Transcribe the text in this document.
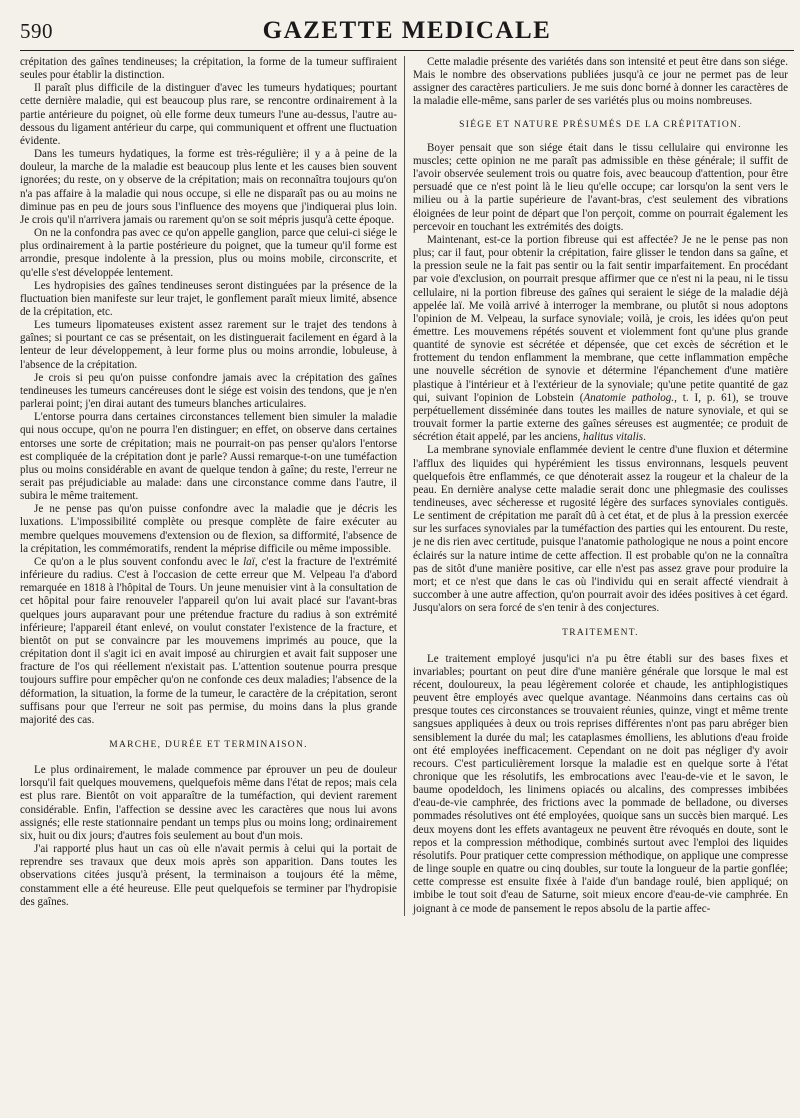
590	GAZETTE MEDICALE

crépitation des gaînes tendineuses; la crépitation, la forme de la tumeur suffiraient seules pour établir la distinction.

Il paraît plus difficile de la distinguer d'avec les tumeurs hydatiques; pourtant cette dernière maladie, qui est beaucoup plus rare, se rencontre ordinairement à la partie antérieure du poignet, où elle forme deux tumeurs l'une au-dessus, l'autre au-dessous du ligament antérieur du carpe, qui communiquent et offrent une fluctuation évidente.

Dans les tumeurs hydatiques, la forme est très-régulière; il y a à peine de la douleur, la marche de la maladie est beaucoup plus lente et les causes bien souvent ignorées; du reste, on y observe de la crépitation; mais on reconnaîtra toujours qu'on n'a pas affaire à la maladie qui nous occupe, si elle ne disparaît pas ou au moins ne diminue pas en peu de jours sous l'influence des moyens que j'indiquerai plus loin. Je crois qu'il n'arrivera jamais ou rarement qu'on se soit mépris jusqu'à cette époque.

On ne la confondra pas avec ce qu'on appelle ganglion, parce que celui-ci siége le plus ordinairement à la partie postérieure du poignet, que la tumeur qu'il forme est arrondie, presque indolente à la pression, plus ou moins mobile, circonscrite, et qu'elle s'est développée lentement.

Les hydropisies des gaînes tendineuses seront distinguées par la présence de la fluctuation bien manifeste sur leur trajet, le gonflement paraît mieux limité, absence de la crépitation, etc.

Les tumeurs lipomateuses existent assez rarement sur le trajet des tendons à gaînes; si pourtant ce cas se présentait, on les distinguerait facilement en égard à la lenteur de leur développement, à leur forme plus ou moins arrondie, lobuleuse, à l'absence de la crépitation.

Je crois si peu qu'on puisse confondre jamais avec la crépitation des gaînes tendineuses les tumeurs cancéreuses dont le siége est voisin des tendons, que je n'en parlerai point; j'en dirai autant des tumeurs blanches articulaires.

L'entorse pourra dans certaines circonstances tellement bien simuler la maladie qui nous occupe, qu'on ne pourra l'en distinguer; en effet, on observe dans certaines entorses une sorte de crépitation; mais ne pourrait-on pas penser qu'alors l'entorse est compliquée de la crépitation dont je parle? Aussi remarque-t-on une tuméfaction plus ou moins considérable en avant de quelque tendon à gaîne; du reste, l'erreur ne serait pas préjudiciable au malade: dans une circonstance comme dans l'autre, il subira le même traitement.

Je ne pense pas qu'on puisse confondre avec la maladie que je décris les luxations. L'impossibilité complète ou presque complète de faire exécuter au membre quelques mouvemens d'extension ou de flexion, sa difformité, l'absence de la crépitation, les commémoratifs, rendent la méprise difficile ou même impossible.

Ce qu'on a le plus souvent confondu avec le laï, c'est la fracture de l'extrémité inférieure du radius. C'est à l'occasion de cette erreur que M. Velpeau l'a d'abord remarquée en 1818 à l'hôpital de Tours. Un jeune menuisier vint à la consultation de cet hôpital pour faire renouveler l'appareil qu'on lui avait placé sur l'avant-bras quelques jours auparavant pour une prétendue fracture du radius à son extrémité inférieure; l'appareil étant enlevé, on voulut constater l'existence de la fracture, et bientôt on put se convaincre par les mouvemens imprimés au pouce, que la crépitation dont il s'agit ici en avait imposé au chirurgien et avait fait supposer une fracture de l'os qui réellement n'existait pas. L'attention soutenue pourra presque toujours suffire pour empêcher qu'on ne confonde ces deux maladies; l'absence de la déformation, la situation, la forme de la tumeur, le caractère de la crépitation, seront suffisans pour que l'erreur ne soit pas permise, du moins dans la plus grande majorité des cas.

MARCHE, DURÉE ET TERMINAISON.

Le plus ordinairement, le malade commence par éprouver un peu de douleur lorsqu'il fait quelques mouvemens, quelquefois même dans l'état de repos; mais cela est plus rare. Bientôt on voit apparaître de la tuméfaction, qui devient rarement considérable. Enfin, l'affection se dessine avec les caractères que nous lui avons assignés; elle reste stationnaire pendant un temps plus ou moins long; ordinairement six, huit ou dix jours; d'autres fois seulement au bout d'un mois.

J'ai rapporté plus haut un cas où elle n'avait permis à celui qui la portait de reprendre ses travaux que deux mois après son apparition. Dans toutes les observations citées jusqu'à présent, la terminaison a toujours été la même, constamment elle a été heureuse. Elle peut quelquefois se terminer par l'hydropisie des gaînes.

Cette maladie présente des variétés dans son intensité et peut être dans son siége. Mais le nombre des observations publiées jusqu'à ce jour ne permet pas de leur assigner des caractères particuliers. Je me suis donc borné à donner les caractères de la maladie elle-même, sans parler de ses variétés plus ou moins nombreuses.

SIÉGE ET NATURE PRÉSUMÉS DE LA CRÉPITATION.

Boyer pensait que son siége était dans le tissu cellulaire qui environne les muscles; cette opinion ne me paraît pas admissible en thèse générale; il suffit de l'avoir observée seulement trois ou quatre fois, avec beaucoup d'attention, pour être persuadé que ce n'est point là le lieu qu'elle occupe; car lorsqu'on la sent vers le milieu ou à la partie supérieure de l'avant-bras, c'est seulement des vibrations éloignées de leur point de départ que l'on perçoit, comme on pourrait également les percevoir en touchant les extrémités des doigts.

Maintenant, est-ce la portion fibreuse qui est affectée? Je ne le pense pas non plus; car il faut, pour obtenir la crépitation, faire glisser le tendon dans sa gaîne, et la pression seule ne la fait pas sentir ou la fait sentir imparfaitement. En procédant par voie d'exclusion, on pourrait presque affirmer que ce n'est ni la peau, ni le tissu cellulaire, ni la portion fibreuse des gaînes qui seraient le siége de la maladie déjà appelée laï. Me voilà arrivé à interroger la membrane, ou plutôt si nous adoptons l'opinion de M. Velpeau, la surface synoviale; voilà, je crois, les idées qu'on peut émettre. Les mouvemens répétés souvent et violemment font qu'une plus grande quantité de synovie est sécrétée et dépensée, que cet excès de sécrétion et le frottement du tendon enflamment la membrane, que cette inflammation empêche une nouvelle sécrétion de synovie et détermine l'épanchement d'une matière plastique à l'intérieur et à l'extérieur de la synoviale; qu'une petite quantité de gaz qui, suivant l'opinion de Lobstein (Anatomie patholog., t. I, p. 61), se trouve perpétuellement disséminée dans toutes les mailles de nature synoviale, et qui se trouvait former la partie externe des gaînes séreuses est augmentée; ce produit de sécrétion était appelé, par les anciens, halitus vitalis.

La membrane synoviale enflammée devient le centre d'une fluxion et détermine l'afflux des liquides qui hypérémient les tissus environnans, lesquels peuvent quelquefois être enflammés, ce que dénoterait assez la rougeur et la chaleur de la peau. En dernière analyse cette maladie serait donc une phlegmasie des coulisses tendineuses, avec sécheresse et rugosité légère des surfaces synoviales contiguës. Le sentiment de crépitation me paraît dû à cet état, et de plus à la pression exercée sur les surfaces synoviales par la tuméfaction des parties qui les entourent. Du reste, je ne dis rien avec certitude, puisque l'anatomie pathologique ne nous a point encore éclairés sur la nature intime de cette affection. Il est probable qu'on ne la connaîtra pas de sitôt d'une manière positive, car elle n'est pas assez grave pour produire la mort; et ce n'est que dans le cas où l'individu qui en serait affecté viendrait à succomber à une autre affection, qu'on pourrait avoir des idées positives à cet égard. Jusqu'alors on sera forcé de s'en tenir à des conjectures.

TRAITEMENT.

Le traitement employé jusqu'ici n'a pu être établi sur des bases fixes et invariables; pourtant on peut dire d'une manière générale que lorsque le mal est récent, douloureux, la peau légèrement colorée et chaude, les antiphlogistiques peuvent être employés avec quelque avantage. Néanmoins dans certains cas où presque toutes ces circonstances se trouvaient réunies, quinze, vingt et même trente sangsues appliquées à deux ou trois reprises différentes n'ont pas paru abréger bien sensiblement la durée du mal; les cataplasmes émolliens, les ablutions d'eau froide ont été employées inefficacement. Cependant on ne doit pas négliger d'y avoir recours. C'est particulièrement lorsque la maladie est en quelque sorte à l'état chronique que les résolutifs, les embrocations avec l'eau-de-vie et le savon, le baume opodeldoch, les linimens opiacés ou alcalins, des compresses imbibées d'eau-de-vie camphrée, des frictions avec la pommade de belladone, ou diverses pommades résolutives ont été employées, quoique sans un succès bien marqué. Les deux moyens dont les effets avantageux ne peuvent être révoqués en doute, sont le repos et la compression méthodique, combinés surtout avec l'emploi des liquides résolutifs. Pour pratiquer cette compression méthodique, on applique une compresse de linge souple en quatre ou cinq doubles, sur toute la longueur de la partie gonflée; cette compresse est ensuite fixée à l'aide d'un bandage roulé, bien appliqué; on imbibe le tout soit d'eau de Saturne, soit mieux encore d'eau-de-vie camphrée. En joignant à ce mode de pansement le repos absolu de la partie affec-
